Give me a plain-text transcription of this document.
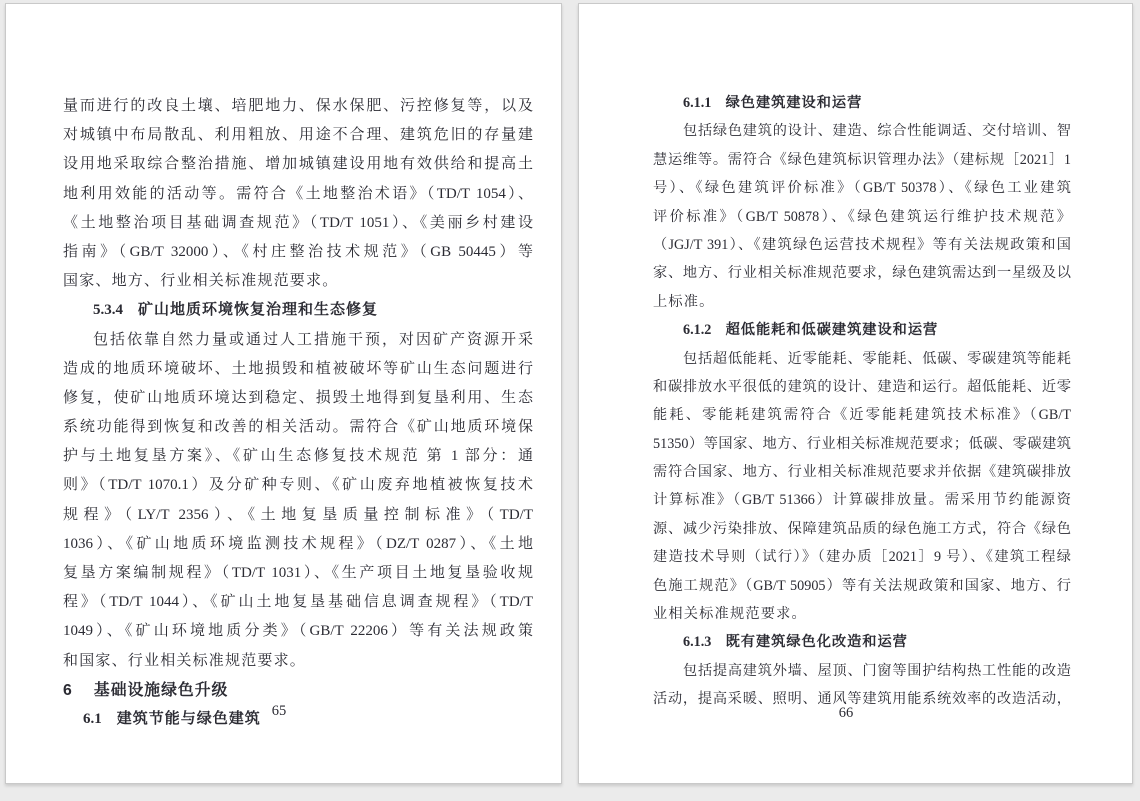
量而进行的改良土壤、培肥地力、保水保肥、污控修复等，以及
对城镇中布局散乱、利用粗放、用途不合理、建筑危旧的存量建
设用地采取综合整治措施、增加城镇建设用地有效供给和提高土
地利用效能的活动等。需符合《土地整治术语》（TD/T 1054）、
《土地整治项目基础调查规范》（TD/T 1051）、《美丽乡村建设
指南》（GB/T 32000）、《村庄整治技术规范》（GB 50445）等
国家、地方、行业相关标准规范要求。
5.3.4 矿山地质环境恢复治理和生态修复
包括依靠自然力量或通过人工措施干预，对因矿产资源开采
造成的地质环境破坏、土地损毁和植被破坏等矿山生态问题进行
修复，使矿山地质环境达到稳定、损毁土地得到复垦利用、生态
系统功能得到恢复和改善的相关活动。需符合《矿山地质环境保
护与土地复垦方案》、《矿山生态修复技术规范 第 1 部分：通
则》（TD/T 1070.1）及分矿种专则、《矿山废弃地植被恢复技术
规程》（LY/T 2356）、《土地复垦质量控制标准》（TD/T
1036）、《矿山地质环境监测技术规程》（DZ/T 0287）、《土地
复垦方案编制规程》（TD/T 1031）、《生产项目土地复垦验收规
程》（TD/T 1044）、《矿山土地复垦基础信息调查规程》（TD/T
1049）、《矿山环境地质分类》（GB/T 22206）等有关法规政策
和国家、行业相关标准规范要求。
6 基础设施绿色升级
6.1 建筑节能与绿色建筑 65
6.1.1 绿色建筑建设和运营
包括绿色建筑的设计、建造、综合性能调适、交付培训、智
慧运维等。需符合《绿色建筑标识管理办法》（建标规［2021］1
号）、《绿色建筑评价标准》（GB/T 50378）、《绿色工业建筑
评价标准》（GB/T 50878）、《绿色建筑运行维护技术规范》
（JGJ/T 391）、《建筑绿色运营技术规程》等有关法规政策和国
家、地方、行业相关标准规范要求，绿色建筑需达到一星级及以
上标准。
6.1.2 超低能耗和低碳建筑建设和运营
包括超低能耗、近零能耗、零能耗、低碳、零碳建筑等能耗
和碳排放水平很低的建筑的设计、建造和运行。超低能耗、近零
能耗、零能耗建筑需符合《近零能耗建筑技术标准》（GB/T
51350）等国家、地方、行业相关标准规范要求；低碳、零碳建筑
需符合国家、地方、行业相关标准规范要求并依据《建筑碳排放
计算标准》（GB/T 51366）计算碳排放量。需采用节约能源资
源、减少污染排放、保障建筑品质的绿色施工方式，符合《绿色
建造技术导则（试行）》（建办质［2021］9 号）、《建筑工程绿
色施工规范》（GB/T 50905）等有关法规政策和国家、地方、行
业相关标准规范要求。
6.1.3 既有建筑绿色化改造和运营
包括提高建筑外墙、屋顶、门窗等围护结构热工性能的改造
活动，提高采暖、照明、通风等建筑用能系统效率的改造活动，
66
